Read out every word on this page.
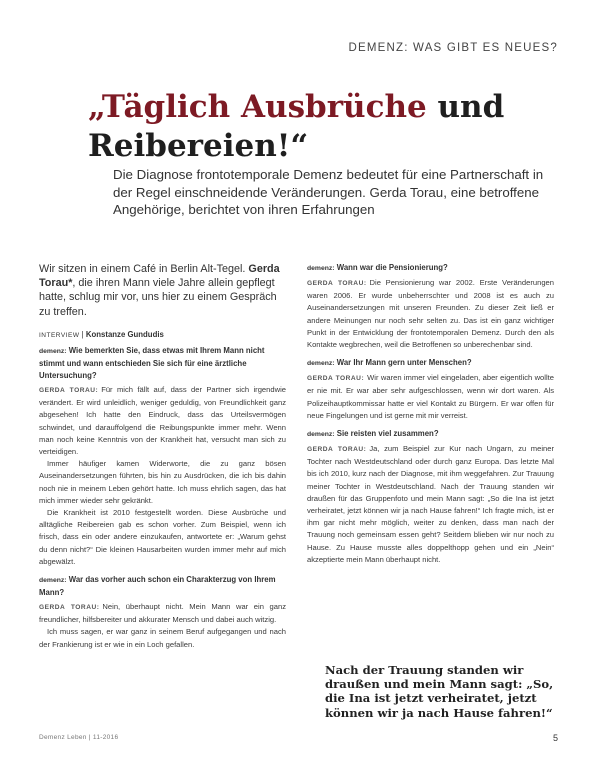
DEMENZ: WAS GIBT ES NEUES?
„Täglich Ausbrüche und Reibereien!“
Die Diagnose frontotemporale Demenz bedeutet für eine Partnerschaft in der Regel einschneidende Veränderungen. Gerda Torau, eine betroffene Angehörige, berichtet von ihren Erfahrungen

Wir sitzen in einem Café in Berlin Alt-Tegel. Gerda Torau*, die ihren Mann viele Jahre allein gepflegt hatte, schlug mir vor, uns hier zu einem Gespräch zu treffen.

INTERVIEW | Konstanze Gundudis

demenz: Wie bemerkten Sie, dass etwas mit Ihrem Mann nicht stimmt und wann entschieden Sie sich für eine ärztliche Untersuchung?

GERDA TORAU: Für mich fällt auf, dass der Partner sich irgendwie verändert. Er wird unleidlich, weniger geduldig, von Freundlichkeit ganz abgesehen! Ich hatte den Eindruck, dass das Urteilsvermögen schwindet, und darauffolgend die Reibungspunkte immer mehr. Wenn man noch keine Kenntnis von der Krankheit hat, versucht man sich zu verteidigen.

Immer häufiger kamen Widerworte, die zu ganz bösen Auseinandersetzungen führten, bis hin zu Ausdrücken, die ich bis dahin noch nie in meinem Leben gehört hatte. Ich muss ehrlich sagen, das hat mich immer wieder sehr gekränkt.

Die Krankheit ist 2010 festgestellt worden. Diese Ausbrüche und alltägliche Reibereien gab es schon vorher. Zum Beispiel, wenn ich frisch, dass ein oder andere einzukaufen, antwortete er: „Warum gehst du denn nicht?“ Die kleinen Hausarbeiten wurden immer mehr auf mich abgewälzt.

demenz: War das vorher auch schon ein Charakterzug von Ihrem Mann?

GERDA TORAU: Nein, überhaupt nicht. Mein Mann war ein ganz freundlicher, hilfsbereiter und akkurater Mensch und dabei auch witzig.

Ich muss sagen, er war ganz in seinem Beruf aufgegangen und nach der Frankierung ist er wie in ein Loch gefallen.

demenz: Wann war die Pensionierung?

GERDA TORAU: Die Pensionierung war 2002. Erste Veränderungen waren 2006. Er wurde unbeherrschter und 2008 ist es auch zu Auseinandersetzungen mit unseren Freunden. Zu dieser Zeit ließ er andere Meinungen nur noch sehr selten zu. Das ist ein ganz wichtiger Punkt in der Entwicklung der frontotemporalen Demenz. Durch den als Kontakte wegbrechen, weil die Betroffenen so unberechenbar sind.

demenz: War Ihr Mann gern unter Menschen?

GERDA TORAU: Wir waren immer viel eingeladen, aber eigentlich wollte er nie mit. Er war aber sehr aufgeschlossen, wenn wir dort waren. Als Polizeihauptkommissar hatte er viel Kontakt zu Bürgern. Er war offen für neue Fingelungen und ist gerne mit mir verreist.

demenz: Sie reisten viel zusammen?

GERDA TORAU: Ja, zum Beispiel zur Kur nach Ungarn, zu meiner Tochter nach Westdeutschland oder durch ganz Europa. Das letzte Mal bis ich 2010, kurz nach der Diagnose, mit ihm weggefahren. Zur Trauung meiner Tochter in Westdeutschland. Nach der Trauung standen wir draußen für das Gruppenfoto und mein Mann sagt: „So die Ina ist jetzt verheiratet, jetzt können wir ja nach Hause fahren!“ Ich fragte mich, ist er ihm gar nicht mehr möglich, weiter zu denken, dass man nach der Trauung noch gemeinsam essen geht? Seitdem blieben wir nur noch zu Hause. Zu Hause musste alles doppelthopp gehen und ein „Nein“ akzeptierte mein Mann überhaupt nicht.

Nach der Trauung standen wir draußen und mein Mann sagt: „So, die Ina ist jetzt verheiratet, jetzt können wir ja nach Hause fahren!“
Demenz Leben | 11-2016	5
